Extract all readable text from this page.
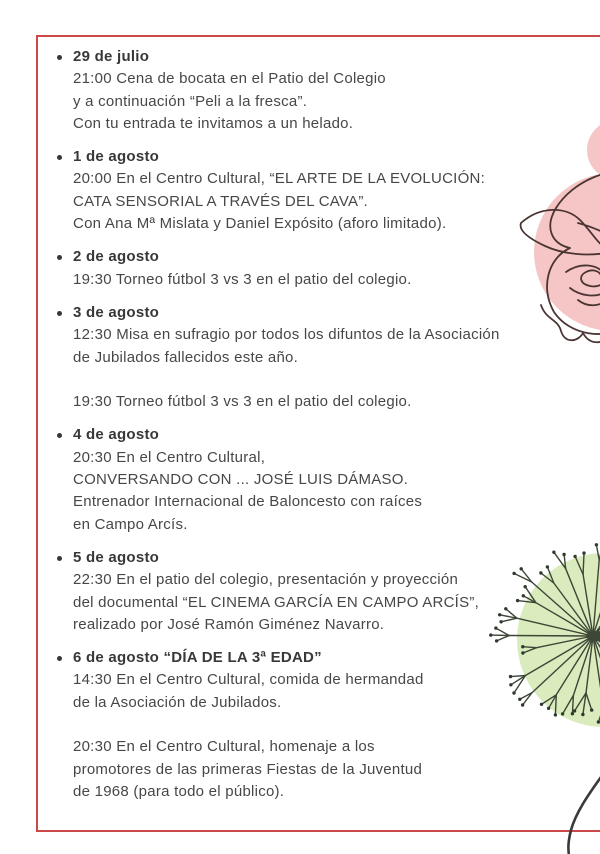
29 de julio
21:00 Cena de bocata en el Patio del Colegio
y a continuación “Peli a la fresca”.
Con tu entrada te invitamos a un helado.
1 de agosto
20:00 En el Centro Cultural, “EL ARTE DE LA EVOLUCIÓN:
CATA SENSORIAL A TRAVÉS DEL CAVA”.
Con Ana Mª Mislata y Daniel Expósito (aforo limitado).
2 de agosto
19:30 Torneo fútbol 3 vs 3 en el patio del colegio.
3 de agosto
12:30 Misa en sufragio por todos los difuntos de la Asociación
de Jubilados fallecidos este año.

19:30 Torneo fútbol 3 vs 3 en el patio del colegio.
4 de agosto
20:30 En el Centro Cultural,
CONVERSANDO CON ... JOSÉ LUIS DÁMASO.
Entrenador Internacional de Baloncesto con raíces
en Campo Arcís.
5 de agosto
22:30 En el patio del colegio, presentación y proyección
del documental “EL CINEMA GARCÍA EN CAMPO ARCÍS”,
realizado por José Ramón Giménez Navarro.
6 de agosto “DÍA DE LA 3ª EDAD”
14:30 En el Centro Cultural, comida de hermandad
de la Asociación de Jubilados.

20:30 En el Centro Cultural, homenaje a los
promotores de las primeras Fiestas de la Juventud
de 1968 (para todo el público).
